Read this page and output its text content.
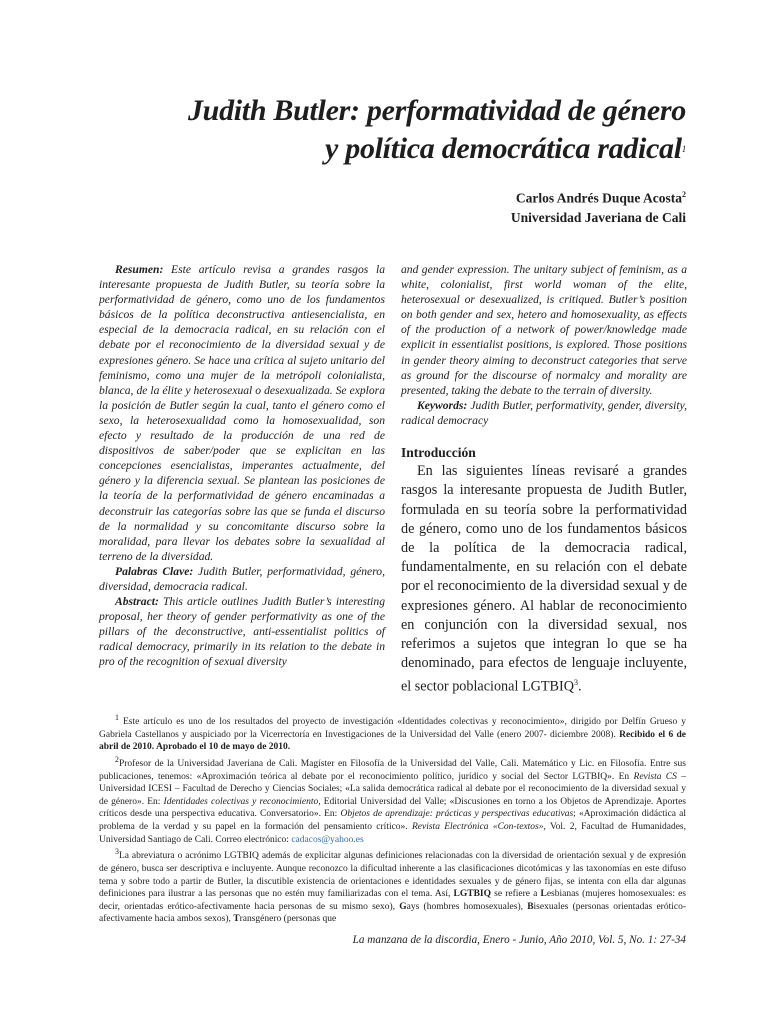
Judith Butler: performatividad de género
y política democrática radical$^1$
Carlos Andrés Duque Acosta$^2$
Universidad Javeriana de Cali

Resumen: Este artículo revisa a grandes rasgos la interesante propuesta de Judith Butler, su teoría sobre la performatividad de género, como uno de los fundamentos básicos de la política deconstructiva antiesencialista, en especial de la democracia radical, en su relación con el debate por el reconocimiento de la diversidad sexual y de expresiones género. Se hace una crítica al sujeto unitario del feminismo, como una mujer de la metrópoli colonialista, blanca, de la élite y heterosexual o desexualizada. Se explora la posición de Butler según la cual, tanto el género como el sexo, la heterosexualidad como la homosexualidad, son efecto y resultado de la producción de una red de dispositivos de saber/poder que se explicitan en las concepciones esencialistas, imperantes actualmente, del género y la diferencia sexual. Se plantean las posiciones de la teoría de la performatividad de género encaminadas a deconstruir las categorías sobre las que se funda el discurso de la normalidad y su concomitante discurso sobre la moralidad, para llevar los debates sobre la sexualidad al terreno de la diversidad.

Palabras Clave: Judith Butler, performatividad, género, diversidad, democracia radical.

Abstract: This article outlines Judith Butler’s interesting proposal, her theory of gender performativity as one of the pillars of the deconstructive, anti-essentialist politics of radical democracy, primarily in its relation to the debate in pro of the recognition of sexual diversity

and gender expression. The unitary subject of feminism, as a white, colonialist, first world woman of the elite, heterosexual or desexualized, is critiqued. Butler’s position on both gender and sex, hetero and homosexuality, as effects of the production of a network of power/knowledge made explicit in essentialist positions, is explored. Those positions in gender theory aiming to deconstruct categories that serve as ground for the discourse of normalcy and morality are presented, taking the debate to the terrain of diversity.

Keywords: Judith Butler, performativity, gender, diversity, radical democracy

Introducción

En las siguientes líneas revisaré a grandes rasgos la interesante propuesta de Judith Butler, formulada en su teoría sobre la performatividad de género, como uno de los fundamentos básicos de la política de la democracia radical, fundamentalmente, en su relación con el debate por el reconocimiento de la diversidad sexual y de expresiones género. Al hablar de reconocimiento en conjunción con la diversidad sexual, nos referimos a sujetos que integran lo que se ha denominado, para efectos de lenguaje incluyente, el sector poblacional LGTBIQ$^3$.

$^1$ Este artículo es uno de los resultados del proyecto de investigación «Identidades colectivas y reconocimiento», dirigido por Delfín Grueso y Gabriela Castellanos y auspiciado por la Vicerrectoría en Investigaciones de la Universidad del Valle (enero 2007- diciembre 2008). Recibido el 6 de abril de 2010. Aprobado el 10 de mayo de 2010.

$^2$Profesor de la Universidad Javeriana de Cali. Magíster en Filosofía de la Universidad del Valle, Cali. Matemático y Lic. en Filosofía. Entre sus publicaciones, tenemos: «Aproximación teórica al debate por el reconocimiento político, jurídico y social del Sector LGTBIQ». En Revista CS – Universidad ICESI – Facultad de Derecho y Ciencias Sociales; «La salida democrática radical al debate por el reconocimiento de la diversidad sexual y de género». En: Identidades colectivas y reconocimiento, Editorial Universidad del Valle; «Discusiones en torno a los Objetos de Aprendizaje. Aportes críticos desde una perspectiva educativa. Conversatorio». En: Objetos de aprendizaje: prácticas y perspectivas educativas; «Aproximación didáctica al problema de la verdad y su papel en la formación del pensamiento crítico». Revista Electrónica «Con-textos», Vol. 2, Facultad de Humanidades, Universidad Santiago de Cali. Correo electrónico: cadacos@yahoo.es

$^3$La abreviatura o acrónimo LGTBIQ además de explicitar algunas definiciones relacionadas con la diversidad de orientación sexual y de expresión de género, busca ser descriptiva e incluyente. Aunque reconozco la dificultad inherente a las clasificaciones dicotómicas y las taxonomías en este difuso tema y sobre todo a partir de Butler, la discutible existencia de orientaciones e identidades sexuales y de género fijas, se intenta con ella dar algunas definiciones para ilustrar a las personas que no estén muy familiarizadas con el tema. Así, LGTBIQ se refiere a Lesbianas (mujeres homosexuales: es decir, orientadas erótico-afectivamente hacia personas de su mismo sexo), Gays (hombres homosexuales), Bisexuales (personas orientadas erótico-afectivamente hacia ambos sexos), Transgénero (personas que

La manzana de la discordia, Enero - Junio, Año 2010, Vol. 5, No. 1: 27-34
